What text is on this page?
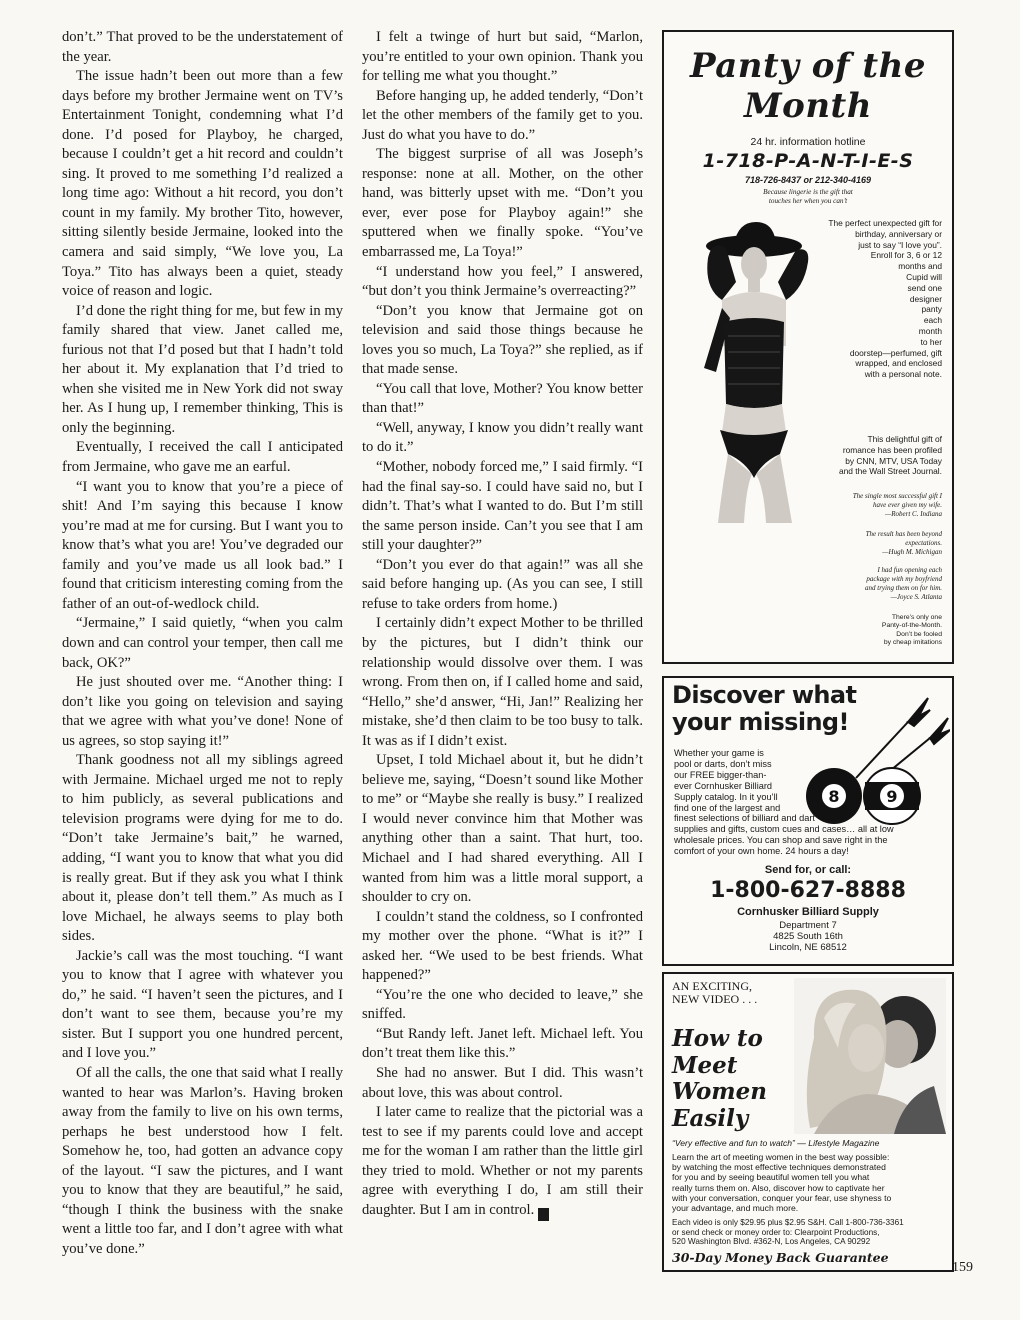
don’t.” That proved to be the understatement of the year.

The issue hadn’t been out more than a few days before my brother Jermaine went on TV’s Entertainment Tonight, condemning what I’d done. I’d posed for Playboy, he charged, because I couldn’t get a hit record and couldn’t sing. It proved to me something I’d realized a long time ago: Without a hit record, you don’t count in my family. My brother Tito, however, sitting silently beside Jermaine, looked into the camera and said simply, “We love you, La Toya.” Tito has always been a quiet, steady voice of reason and logic.

I’d done the right thing for me, but few in my family shared that view. Janet called me, furious not that I’d posed but that I hadn’t told her about it. My explanation that I’d tried to when she visited me in New York did not sway her. As I hung up, I remember thinking, This is only the beginning.

Eventually, I received the call I anticipated from Jermaine, who gave me an earful.

“I want you to know that you’re a piece of shit! And I’m saying this because I know you’re mad at me for cursing. But I want you to know that’s what you are! You’ve degraded our family and you’ve made us all look bad.” I found that criticism interesting coming from the father of an out-of-wedlock child.

“Jermaine,” I said quietly, “when you calm down and can control your temper, then call me back, OK?”

He just shouted over me. “Another thing: I don’t like you going on television and saying that we agree with what you’ve done! None of us agrees, so stop saying it!”

Thank goodness not all my siblings agreed with Jermaine. Michael urged me not to reply to him publicly, as several publications and television programs were dying for me to do. “Don’t take Jermaine’s bait,” he warned, adding, “I want you to know that what you did is really great. But if they ask you what I think about it, please don’t tell them.” As much as I love Michael, he always seems to play both sides.

Jackie’s call was the most touching. “I want you to know that I agree with whatever you do,” he said. “I haven’t seen the pictures, and I don’t want to see them, because you’re my sister. But I support you one hundred percent, and I love you.”

Of all the calls, the one that said what I really wanted to hear was Marlon’s. Having broken away from the family to live on his own terms, perhaps he best understood how I felt. Somehow he, too, had gotten an advance copy of the layout. “I saw the pictures, and I want you to know that they are beautiful,” he said, “though I think the business with the snake went a little too far, and I don’t agree with what you’ve done.”

I felt a twinge of hurt but said, “Marlon, you’re entitled to your own opinion. Thank you for telling me what you thought.”

Before hanging up, he added tenderly, “Don’t let the other members of the family get to you. Just do what you have to do.”

The biggest surprise of all was Joseph’s response: none at all. Mother, on the other hand, was bitterly upset with me. “Don’t you ever, ever pose for Playboy again!” she sputtered when we finally spoke. “You’ve embarrassed me, La Toya!”

“I understand how you feel,” I answered, “but don’t you think Jermaine’s overreacting?”

“Don’t you know that Jermaine got on television and said those things because he loves you so much, La Toya?” she replied, as if that made sense.

“You call that love, Mother? You know better than that!”

“Well, anyway, I know you didn’t really want to do it.”

“Mother, nobody forced me,” I said firmly. “I had the final say-so. I could have said no, but I didn’t. That’s what I wanted to do. But I’m still the same person inside. Can’t you see that I am still your daughter?”

“Don’t you ever do that again!” was all she said before hanging up. (As you can see, I still refuse to take orders from home.)

I certainly didn’t expect Mother to be thrilled by the pictures, but I didn’t think our relationship would dissolve over them. I was wrong. From then on, if I called home and said, “Hello,” she’d answer, “Hi, Jan!” Realizing her mistake, she’d then claim to be too busy to talk. It was as if I didn’t exist.

Upset, I told Michael about it, but he didn’t believe me, saying, “Doesn’t sound like Mother to me” or “Maybe she really is busy.” I realized I would never convince him that Mother was anything other than a saint. That hurt, too. Michael and I had shared everything. All I wanted from him was a little moral support, a shoulder to cry on.

I couldn’t stand the coldness, so I confronted my mother over the phone. “What is it?” I asked her. “We used to be best friends. What happened?”

“You’re the one who decided to leave,” she sniffed.

“But Randy left. Janet left. Michael left. You don’t treat them like this.”

She had no answer. But I did. This wasn’t about love, this was about control.

I later came to realize that the pictorial was a test to see if my parents could love and accept me for the woman I am rather than the little girl they tried to mold. Whether or not my parents agree with everything I do, I am still their daughter. But I am in control. ●

Panty of the
Month
24 hr. information hotline
1-718-P-A-N-T-I-E-S
718-726-8437 or 212-340-4169
Because lingerie is the gift that
touches her when you can’t
The perfect unexpected gift for
birthday, anniversary or
just to say “I love you”.
Enroll for 3, 6 or 12
months and
Cupid will
send one
designer
panty
each
month
to her
doorstep—perfumed, gift
wrapped, and enclosed
with a personal note.
This delightful gift of
romance has been profiled
by CNN, MTV, USA Today
and the Wall Street Journal.
The single most successful gift I
have ever given my wife.
—Robert C. Indiana
The result has been beyond
expectations.
—Hugh M. Michigan
I had fun opening each
package with my boyfriend
and trying them on for him.
—Joyce S. Atlanta
There’s only one
Panty-of-the-Month.
Don’t be fooled
by cheap imitations
Discover what
your missing!
8	9
Whether your game is
pool or darts, don’t miss
our FREE bigger-than-
ever Cornhusker Billiard
Supply catalog. In it you’ll
find one of the largest and
finest selections of billiard and dart
supplies and gifts, custom cues and cases… all at low
wholesale prices. You can shop and save right in the
comfort of your own home. 24 hours a day!
Send for, or call:
1-800-627-8888
Cornhusker Billiard Supply
Department 7
4825 South 16th
Lincoln, NE 68512
AN EXCITING,
NEW VIDEO . . .
How to
Meet
Women
Easily
“Very effective and fun to watch” — Lifestyle Magazine
Learn the art of meeting women in the best way possible:
by watching the most effective techniques demonstrated
for you and by seeing beautiful women tell you what
really turns them on. Also, discover how to captivate her
with your conversation, conquer your fear, use shyness to
your advantage, and much more.
Each video is only $29.95 plus $2.95 S&H. Call 1-800-736-3361
or send check or money order to: Clearpoint Productions,
520 Washington Blvd. #362-N, Los Angeles, CA 90292
30-Day Money Back Guarantee
159
